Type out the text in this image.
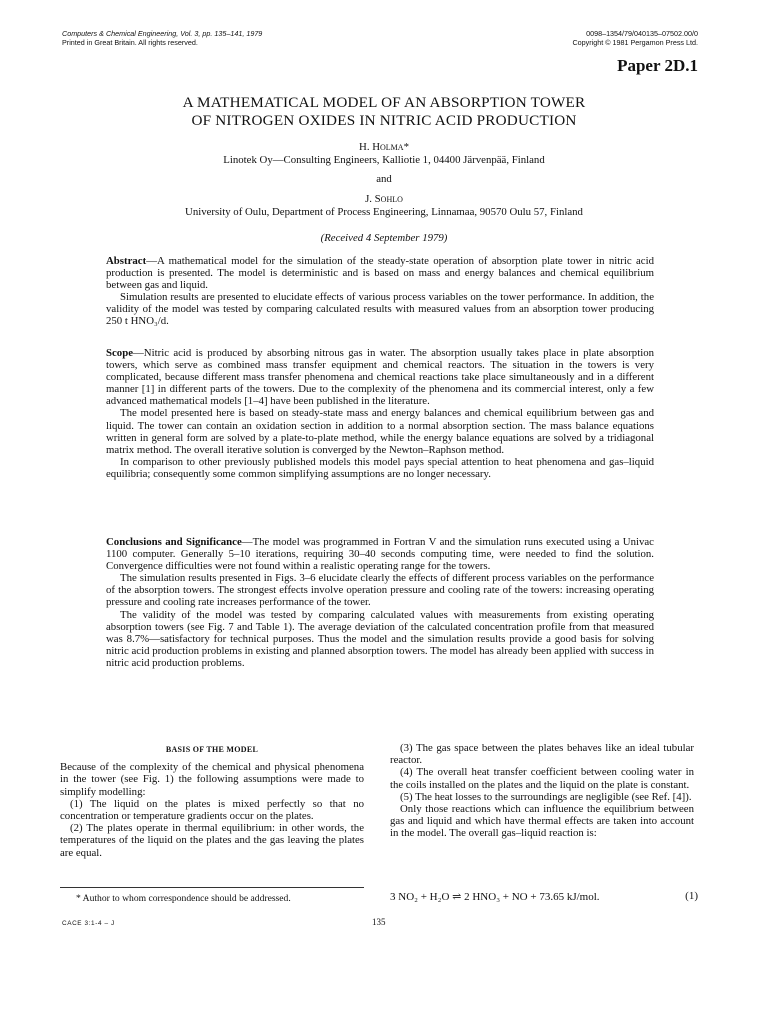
Computers & Chemical Engineering, Vol. 3, pp. 135–141, 1979
Printed in Great Britain. All rights reserved.
0098–1354/79/040135–07502.00/0
Copyright © 1981 Pergamon Press Ltd.
Paper 2D.1
A MATHEMATICAL MODEL OF AN ABSORPTION TOWER
OF NITROGEN OXIDES IN NITRIC ACID PRODUCTION
H. Holma*
Linotek Oy—Consulting Engineers, Kalliotie 1, 04400 Järvenpää, Finland
and
J. Sohlo
University of Oulu, Department of Process Engineering, Linnamaa, 90570 Oulu 57, Finland
(Received 4 September 1979)

Abstract—A mathematical model for the simulation of the steady-state operation of absorption plate tower in nitric acid production is presented. The model is deterministic and is based on mass and energy balances and chemical equilibrium between gas and liquid.

Simulation results are presented to elucidate effects of various process variables on the tower performance. In addition, the validity of the model was tested by comparing calculated results with measured values from an absorption tower producing 250 t HNO₃/d.

Scope—Nitric acid is produced by absorbing nitrous gas in water. The absorption usually takes place in plate absorption towers, which serve as combined mass transfer equipment and chemical reactors. The situation in the towers is very complicated, because different mass transfer phenomena and chemical reactions take place simultaneously and in a different manner [1] in different parts of the towers. Due to the complexity of the phenomena and its commercial interest, only a few advanced mathematical models [1–4] have been published in the literature.

The model presented here is based on steady-state mass and energy balances and chemical equilibrium between gas and liquid. The tower can contain an oxidation section in addition to a normal absorption section. The mass balance equations written in general form are solved by a plate-to-plate method, while the energy balance equations are solved by a tridiagonal matrix method. The overall iterative solution is converged by the Newton–Raphson method.

In comparison to other previously published models this model pays special attention to heat phenomena and gas–liquid equilibria; consequently some common simplifying assumptions are no longer necessary.

Conclusions and Significance—The model was programmed in Fortran V and the simulation runs executed using a Univac 1100 computer. Generally 5–10 iterations, requiring 30–40 seconds computing time, were needed to find the solution. Convergence difficulties were not found within a realistic operating range for the towers.

The simulation results presented in Figs. 3–6 elucidate clearly the effects of different process variables on the performance of the absorption towers. The strongest effects involve operation pressure and cooling rate of the towers: increasing operating pressure and cooling rate increases performance of the tower.

The validity of the model was tested by comparing calculated values with measurements from existing operating absorption towers (see Fig. 7 and Table 1). The average deviation of the calculated concentration profile from that measured was 8.7%—satisfactory for technical purposes. Thus the model and the simulation results provide a good basis for solving nitric acid production problems in existing and planned absorption towers. The model has already been applied with success in nitric acid production problems.

BASIS OF THE MODEL

Because of the complexity of the chemical and physical phenomena in the tower (see Fig. 1) the following assumptions were made to simplify modelling:

(1) The liquid on the plates is mixed perfectly so that no concentration or temperature gradients occur on the plates.

(2) The plates operate in thermal equilibrium: in other words, the temperatures of the liquid on the plates and the gas leaving the plates are equal.

(3) The gas space between the plates behaves like an ideal tubular reactor.

(4) The overall heat transfer coefficient between cooling water in the coils installed on the plates and the liquid on the plate is constant.

(5) The heat losses to the surroundings are negligible (see Ref. [4]).

Only those reactions which can influence the equilibrium between gas and liquid and which have thermal effects are taken into account in the model. The overall gas–liquid reaction is:

* Author to whom correspondence should be addressed.	3 NO₂ + H₂O ⇌ 2 HNO₃ + NO + 73.65 kJ/mol.	(1)
CACE 3:1-4 – J	135
